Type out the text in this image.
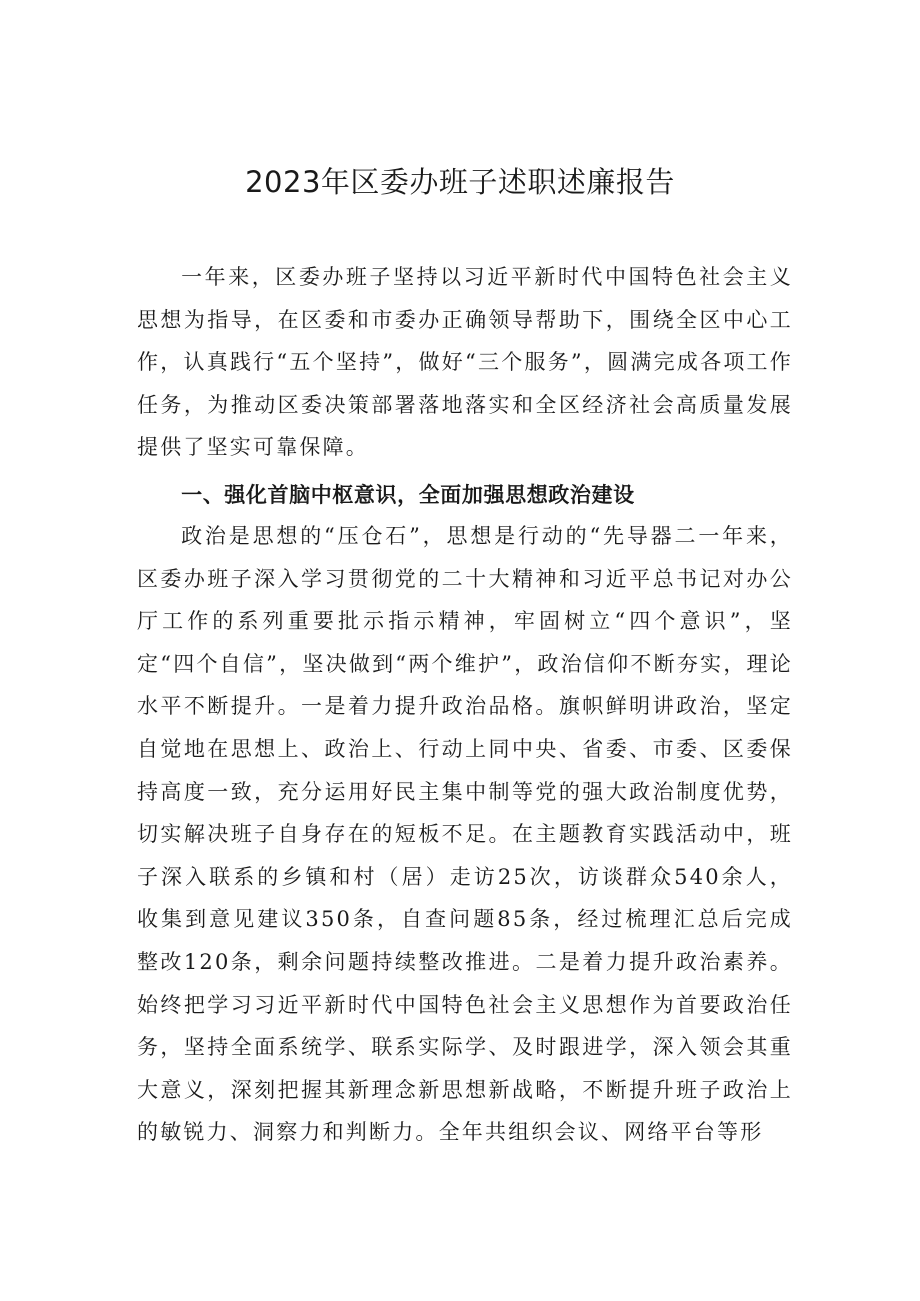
2023年区委办班子述职述廉报告

一年来，区委办班子坚持以习近平新时代中国特色社会主义思想为指导，在区委和市委办正确领导帮助下，围绕全区中心工作，认真践行“五个坚持”，做好“三个服务”，圆满完成各项工作任务，为推动区委决策部署落地落实和全区经济社会高质量发展提供了坚实可靠保障。

一、强化首脑中枢意识，全面加强思想政治建设

政治是思想的“压仓石”，思想是行动的“先导器二一年来，区委办班子深入学习贯彻党的二十大精神和习近平总书记对办公厅工作的系列重要批示指示精神，牢固树立“四个意识”，坚定“四个自信”，坚决做到“两个维护”，政治信仰不断夯实，理论水平不断提升。一是着力提升政治品格。旗帜鲜明讲政治，坚定自觉地在思想上、政治上、行动上同中央、省委、市委、区委保持高度一致，充分运用好民主集中制等党的强大政治制度优势，切实解决班子自身存在的短板不足。在主题教育实践活动中，班子深入联系的乡镇和村（居）走访25次，访谈群众540余人，收集到意见建议350条，自查问题85条，经过梳理汇总后完成整改120条，剩余问题持续整改推进。二是着力提升政治素养。始终把学习习近平新时代中国特色社会主义思想作为首要政治任务，坚持全面系统学、联系实际学、及时跟进学，深入领会其重大意义，深刻把握其新理念新思想新战略，不断提升班子政治上的敏锐力、洞察力和判断力。全年共组织会议、网络平台等形
